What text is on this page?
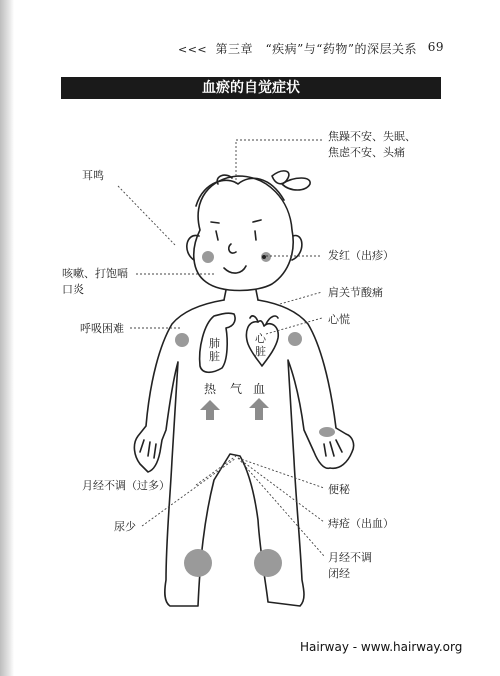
<<< 第三章　“疾病”与“药物”的深层关系 69
血瘀的自觉症状
肺脏
心脏
热 气 血
耳鸣
咳嗽、打饱嗝
口炎
呼吸困难
月经不调（过多）
尿少
焦躁不安、失眠、
焦虑不安、头痛
发红（出疹）
肩关节酸痛
心慌
便秘
痔疮（出血）
月经不调
闭经
Hairway - www.hairway.org
